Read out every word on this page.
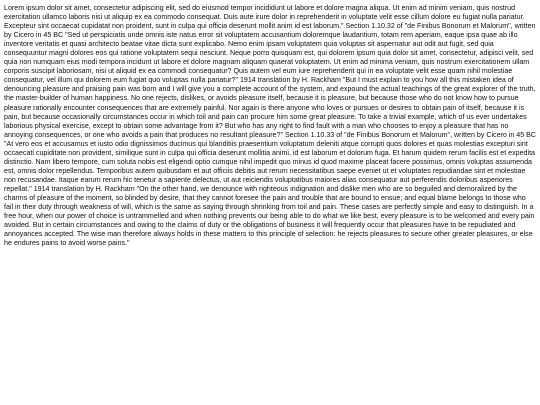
Lorem ipsum dolor sit amet, consectetur adipiscing elit, sed do eiusmod tempor incididunt ut labore et dolore magna aliqua. Ut enim ad minim veniam, quis nostrud exercitation ullamco laboris nisi ut aliquip ex ea commodo consequat. Duis aute irure dolor in reprehenderit in voluptate velit esse cillum dolore eu fugiat nulla pariatur. Excepteur sint occaecat cupidatat non proident, sunt in culpa qui officia deserunt mollit anim id est laborum." Section 1.10.32 of "de Finibus Bonorum et Malorum", written by Cicero in 45 BC "Sed ut perspiciatis unde omnis iste natus error sit voluptatem accusantium doloremque laudantium, totam rem aperiam, eaque ipsa quae ab illo inventore veritatis et quasi architecto beatae vitae dicta sunt explicabo. Nemo enim ipsam voluptatem quia voluptas sit aspernatur aut odit aut fugit, sed quia consequuntur magni dolores eos qui ratione voluptatem sequi nesciunt. Neque porro quisquam est, qui dolorem ipsum quia dolor sit amet, consectetur, adipisci velit, sed quia non numquam eius modi tempora incidunt ut labore et dolore magnam aliquam quaerat voluptatem. Ut enim ad minima veniam, quis nostrum exercitationem ullam corporis suscipit laboriosam, nisi ut aliquid ex ea commodi consequatur? Quis autem vel eum iure reprehenderit qui in ea voluptate velit esse quam nihil molestiae consequatur, vel illum qui dolorem eum fugiat quo voluptas nulla pariatur?" 1914 translation by H. Rackham "But I must explain to you how all this mistaken idea of denouncing pleasure and praising pain was born and I will give you a complete account of the system, and expound the actual teachings of the great explorer of the truth, the master-builder of human happiness. No one rejects, dislikes, or avoids pleasure itself, because it is pleasure, but because those who do not know how to pursue pleasure rationally encounter consequences that are extremely painful. Nor again is there anyone who loves or pursues or desires to obtain pain of itself, because it is pain, but because occasionally circumstances occur in which toil and pain can procure him some great pleasure. To take a trivial example, which of us ever undertakes laborious physical exercise, except to obtain some advantage from it? But who has any right to find fault with a man who chooses to enjoy a pleasure that has no annoying consequences, or one who avoids a pain that produces no resultant pleasure?" Section 1.10.33 of "de Finibus Bonorum et Malorum", written by Cicero in 45 BC "At vero eos et accusamus et iusto odio dignissimos ducimus qui blanditiis praesentium voluptatum deleniti atque corrupti quos dolores et quas molestias excepturi sint occaecati cupiditate non provident, similique sunt in culpa qui officia deserunt mollitia animi, id est laborum et dolorum fuga. Et harum quidem rerum facilis est et expedita distinctio. Nam libero tempore, cum soluta nobis est eligendi optio cumque nihil impedit quo minus id quod maxime placeat facere possimus, omnis voluptas assumenda est, omnis dolor repellendus. Temporibus autem quibusdam et aut officiis debitis aut rerum necessitatibus saepe eveniet ut et voluptates repudiandae sint et molestiae non recusandae. Itaque earum rerum hic tenetur a sapiente delectus, ut aut reiciendis voluptatibus maiores alias consequatur aut perferendis doloribus asperiores repellat." 1914 translation by H. Rackham "On the other hand, we denounce with righteous indignation and dislike men who are so beguiled and demoralized by the charms of pleasure of the moment, so blinded by desire, that they cannot foresee the pain and trouble that are bound to ensue; and equal blame belongs to those who fail in their duty through weakness of will, which is the same as saying through shrinking from toil and pain. These cases are perfectly simple and easy to distinguish. In a free hour, when our power of choice is untrammelled and when nothing prevents our being able to do what we like best, every pleasure is to be welcomed and every pain avoided. But in certain circumstances and owing to the claims of duty or the obligations of business it will frequently occur that pleasures have to be repudiated and annoyances accepted. The wise man therefore always holds in these matters to this principle of selection: he rejects pleasures to secure other greater pleasures, or else he endures pains to avoid worse pains."
